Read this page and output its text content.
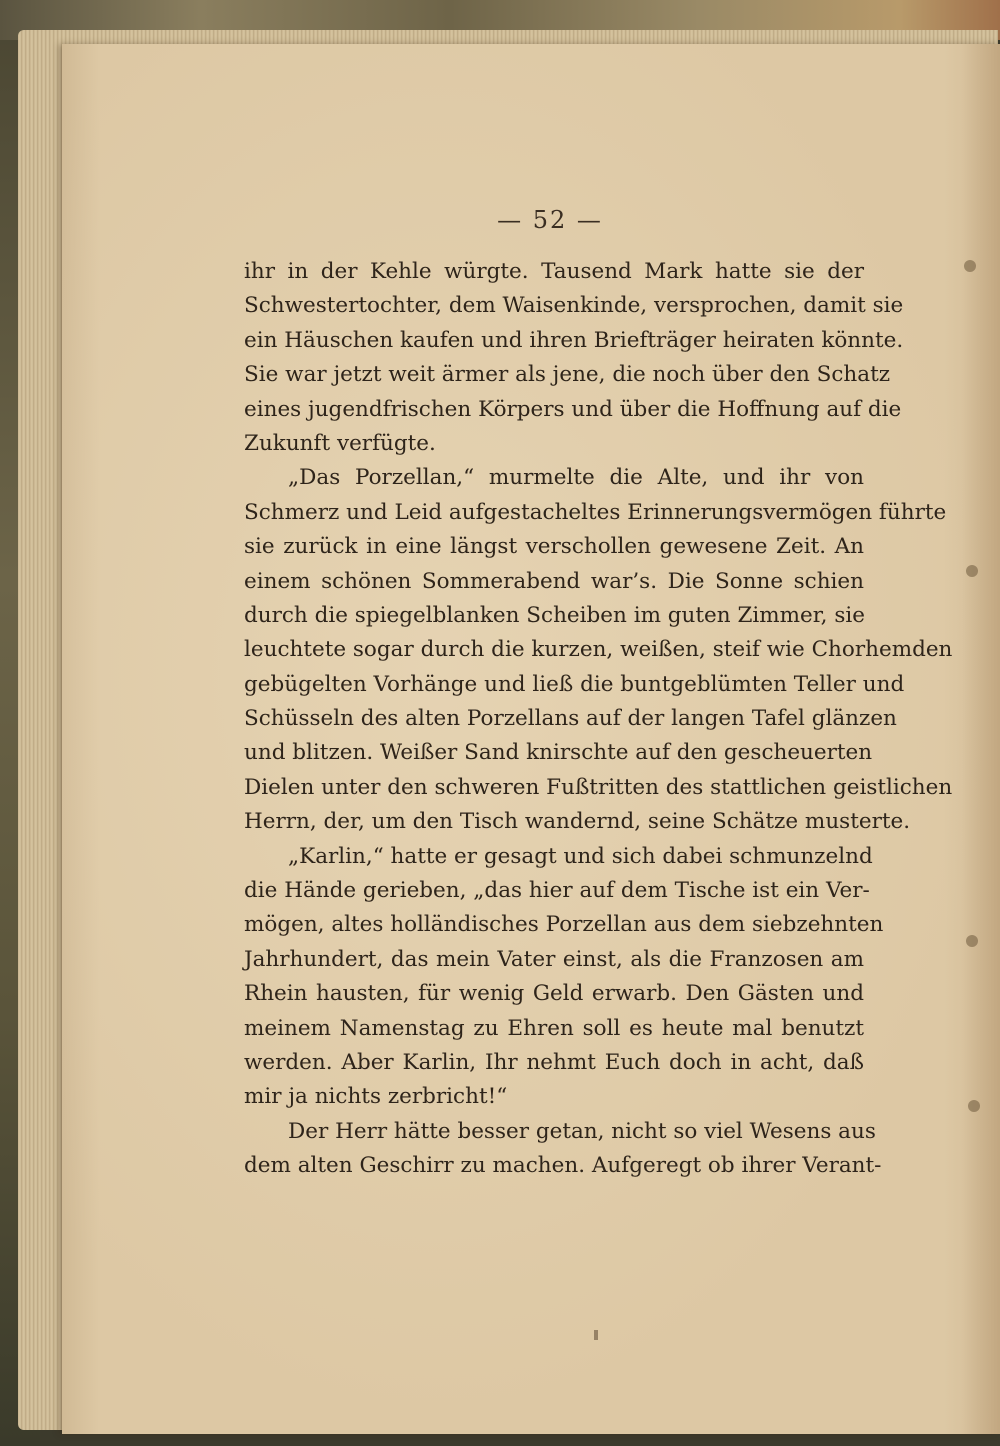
— 52 —
ihr in der Kehle würgte. Tausend Mark hatte sie der
Schwestertochter, dem Waisenkinde, versprochen, damit sie
ein Häuschen kaufen und ihren Briefträger heiraten könnte.
Sie war jetzt weit ärmer als jene, die noch über den Schatz
eines jugendfrischen Körpers und über die Hoffnung auf die
Zukunft verfügte.
„Das Porzellan,“ murmelte die Alte, und ihr von
Schmerz und Leid aufgestacheltes Erinnerungsvermögen führte
sie zurück in eine längst verschollen gewesene Zeit. An
einem schönen Sommerabend war’s. Die Sonne schien
durch die spiegelblanken Scheiben im guten Zimmer, sie
leuchtete sogar durch die kurzen, weißen, steif wie Chorhemden
gebügelten Vorhänge und ließ die buntgeblümten Teller und
Schüsseln des alten Porzellans auf der langen Tafel glänzen
und blitzen. Weißer Sand knirschte auf den gescheuerten
Dielen unter den schweren Fußtritten des stattlichen geistlichen
Herrn, der, um den Tisch wandernd, seine Schätze musterte.
„Karlin,“ hatte er gesagt und sich dabei schmunzelnd
die Hände gerieben, „das hier auf dem Tische ist ein Ver-
mögen, altes holländisches Porzellan aus dem siebzehnten
Jahrhundert, das mein Vater einst, als die Franzosen am
Rhein hausten, für wenig Geld erwarb. Den Gästen und
meinem Namenstag zu Ehren soll es heute mal benutzt
werden. Aber Karlin, Ihr nehmt Euch doch in acht, daß
mir ja nichts zerbricht!“
Der Herr hätte besser getan, nicht so viel Wesens aus
dem alten Geschirr zu machen. Aufgeregt ob ihrer Verant-
